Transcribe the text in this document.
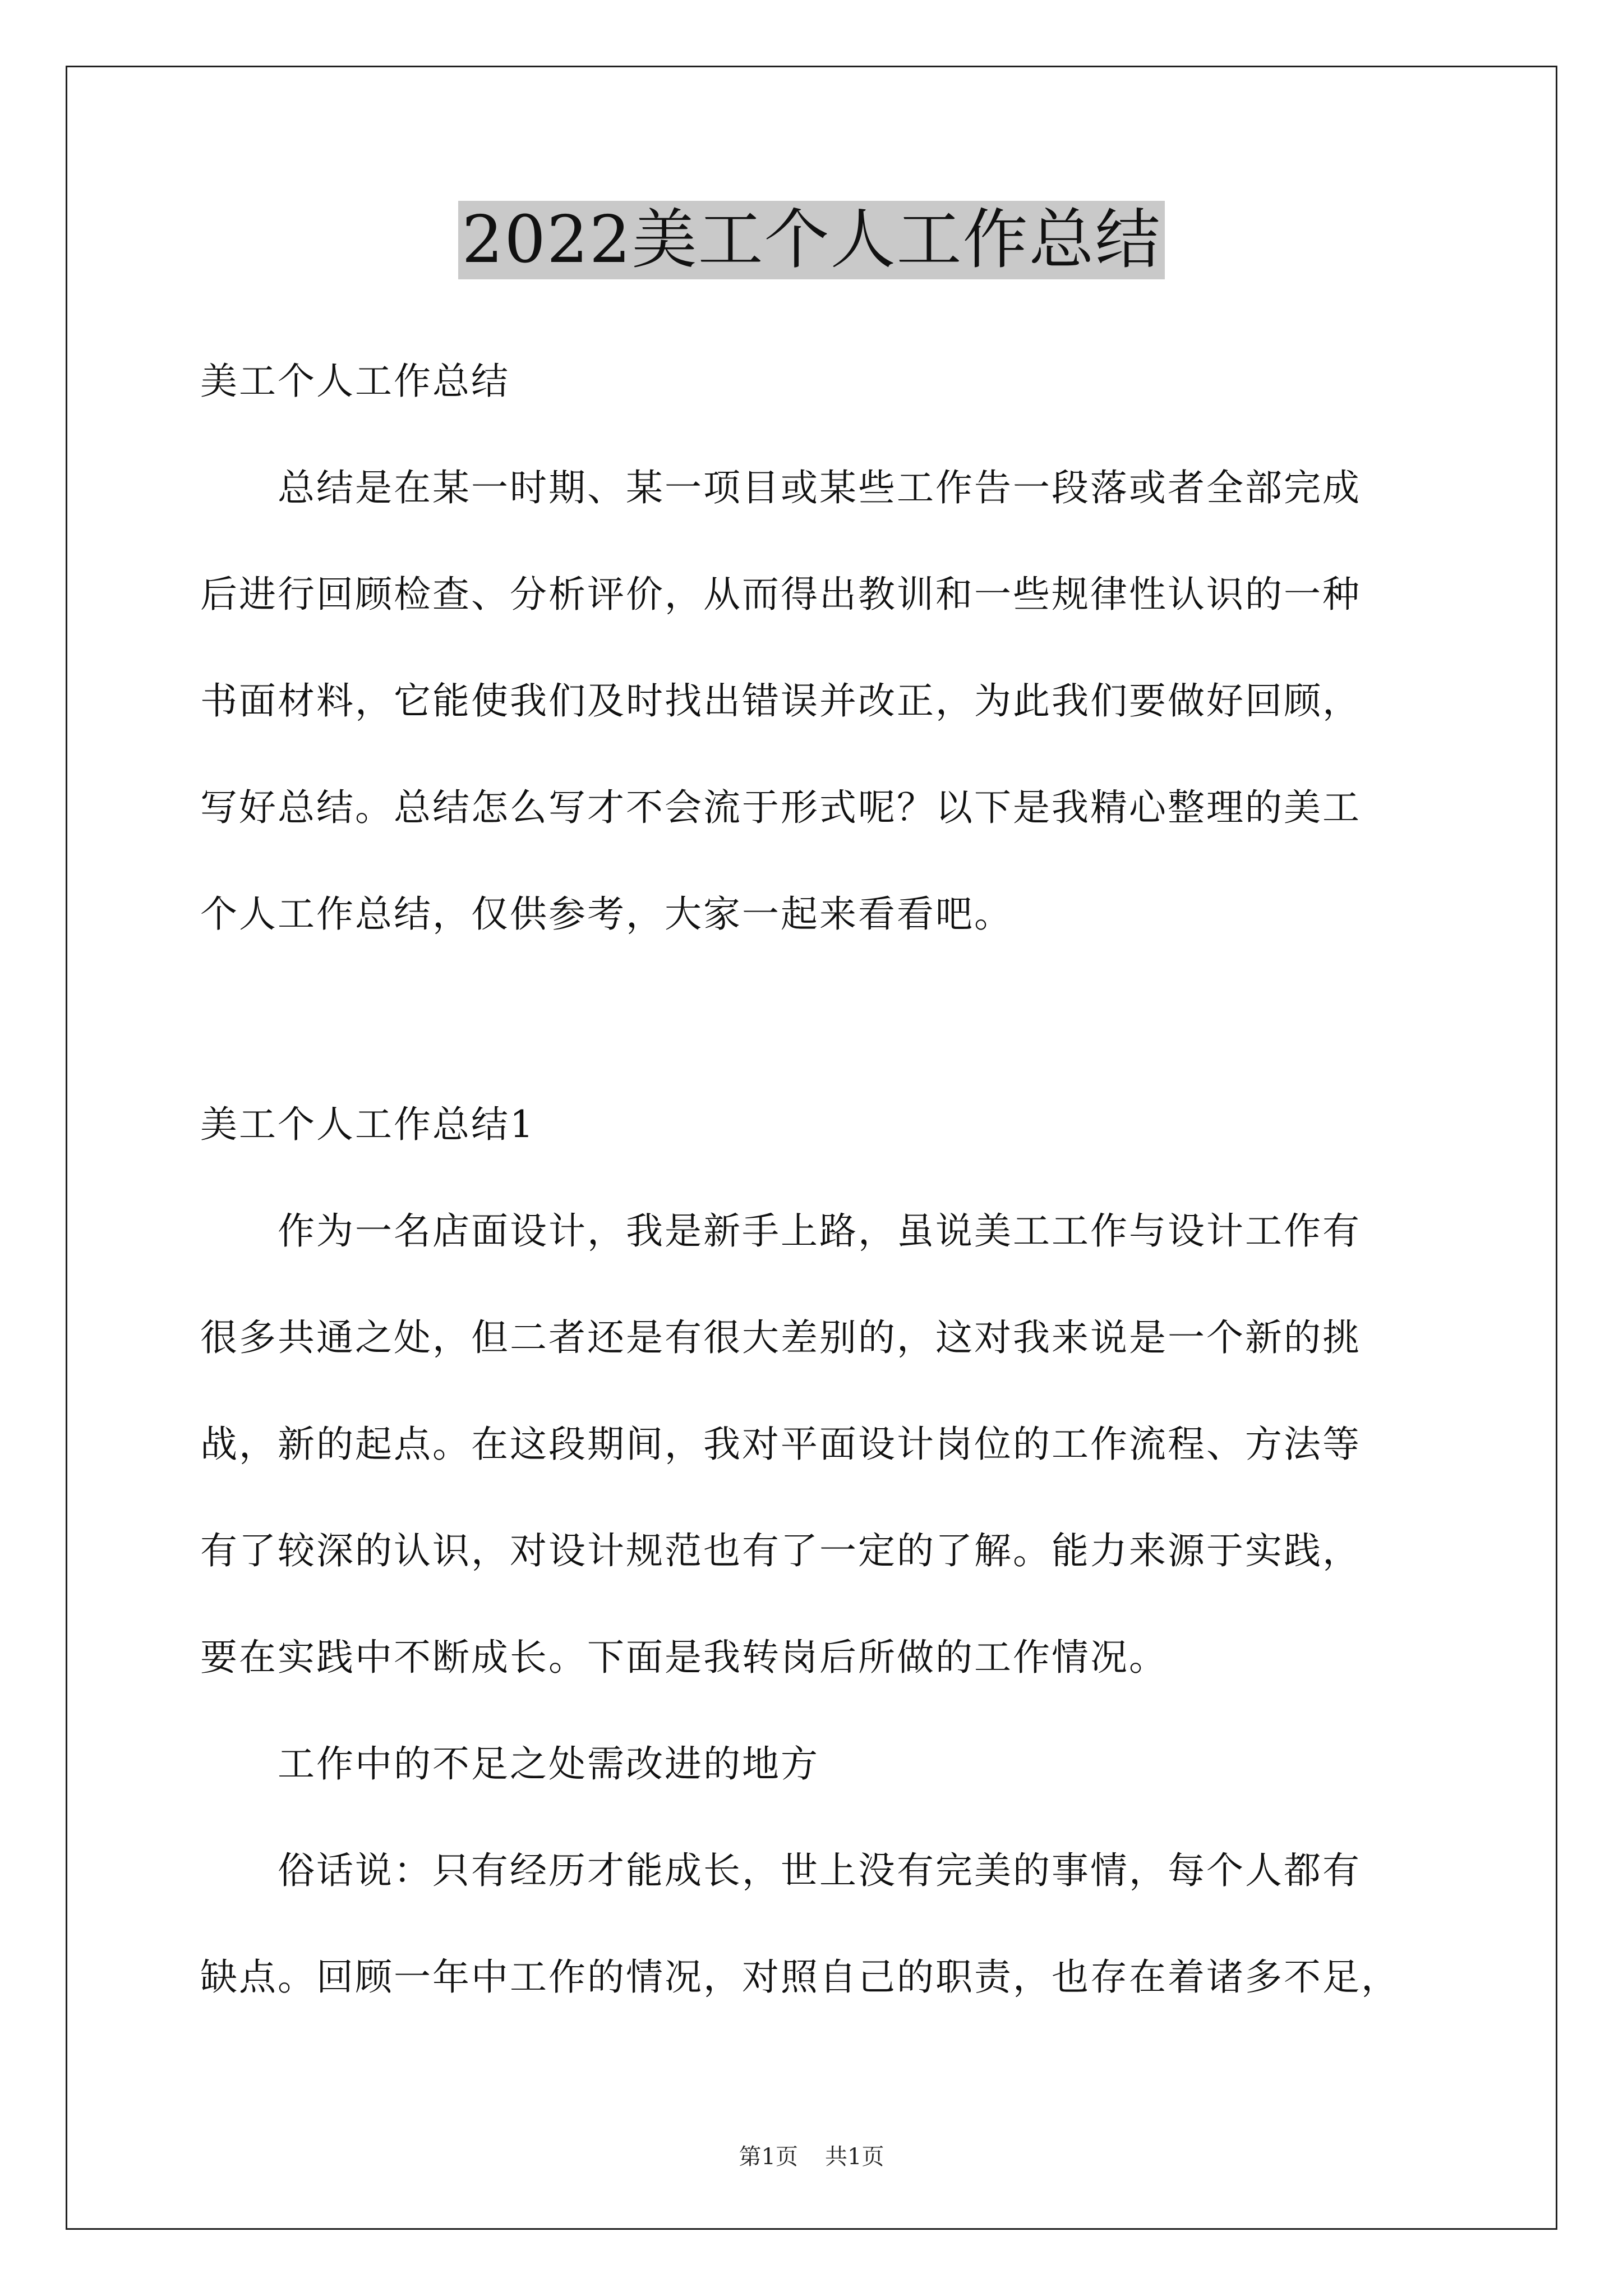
2022美工个人工作总结
美工个人工作总结
总结是在某一时期、某一项目或某些工作告一段落或者全部完成
后进行回顾检查、分析评价，从而得出教训和一些规律性认识的一种
书面材料，它能使我们及时找出错误并改正，为此我们要做好回顾，
写好总结。总结怎么写才不会流于形式呢？以下是我精心整理的美工
个人工作总结，仅供参考，大家一起来看看吧。
美工个人工作总结1
作为一名店面设计，我是新手上路，虽说美工工作与设计工作有
很多共通之处，但二者还是有很大差别的，这对我来说是一个新的挑
战，新的起点。在这段期间，我对平面设计岗位的工作流程、方法等
有了较深的认识，对设计规范也有了一定的了解。能力来源于实践，
要在实践中不断成长。下面是我转岗后所做的工作情况。
工作中的不足之处需改进的地方
俗话说：只有经历才能成长，世上没有完美的事情，每个人都有
缺点。回顾一年中工作的情况，对照自己的职责，也存在着诸多不足，
第1页 共1页
